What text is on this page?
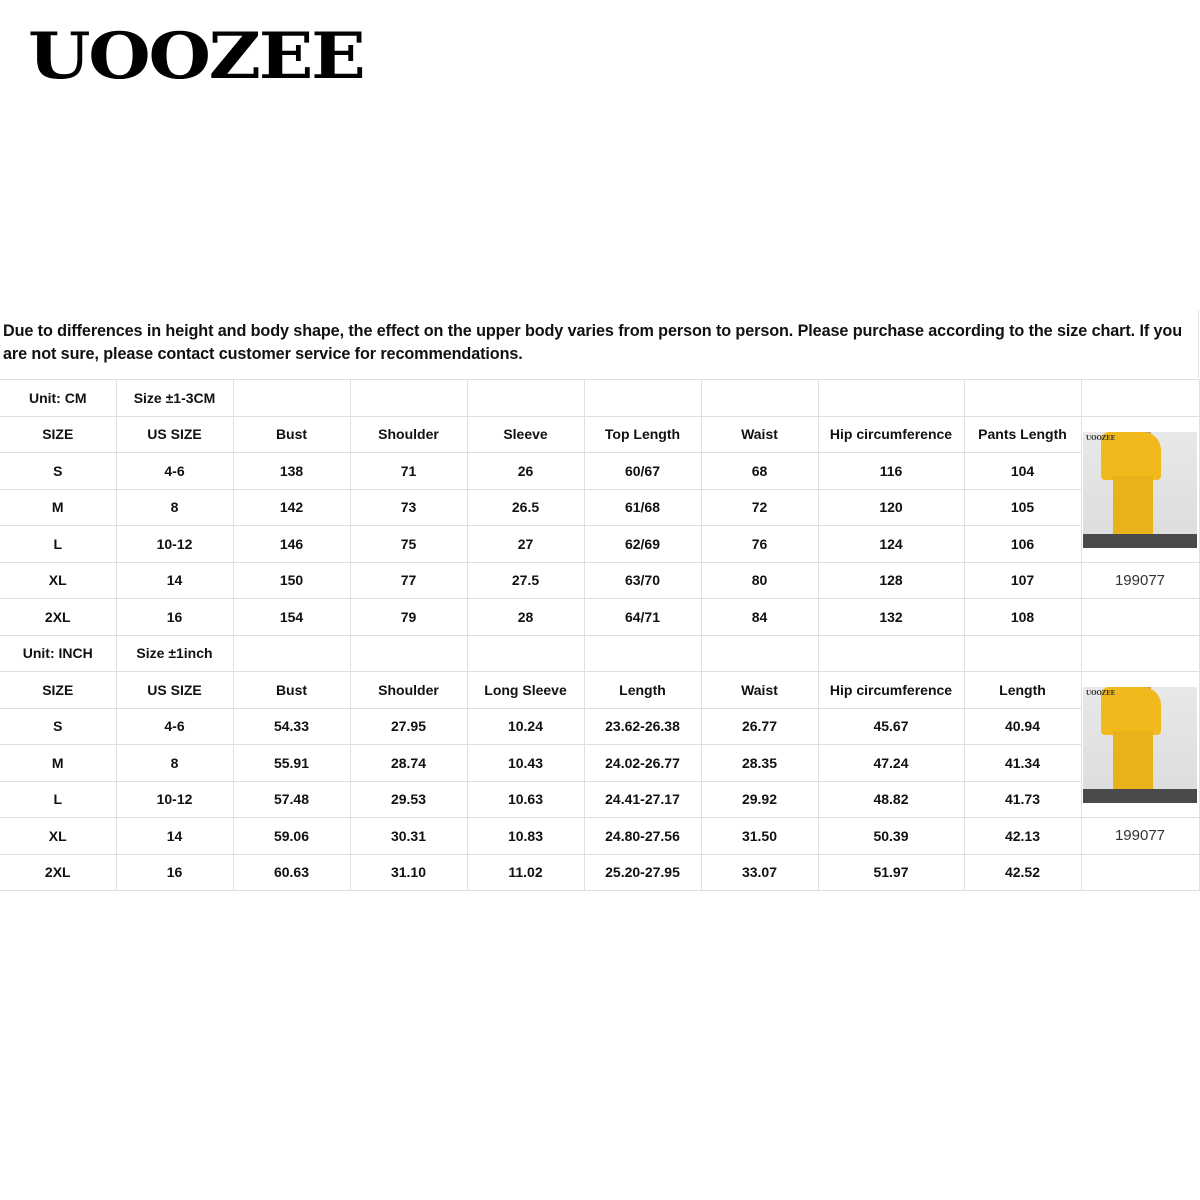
UOOZEE
Due to differences in height and body shape, the effect on the upper body varies from person to person. Please purchase according to the size chart. If you are not sure, please contact customer service for recommendations.
Unit: CM	Size ±1-3CM								
SIZE	US SIZE	Bust	Shoulder	Sleeve	Top Length	Waist	Hip circumference	Pants Length	UOOZEE

S	4-6	138	71	26	60/67	68	116	104	
M	8	142	73	26.5	61/68	72	120	105	
L	10-12	146	75	27	62/69	76	124	106	
XL	14	150	77	27.5	63/70	80	128	107	199077
2XL	16	154	79	28	64/71	84	132	108	
Unit: INCH	Size ±1inch								
SIZE	US SIZE	Bust	Shoulder	Long Sleeve	Length	Waist	Hip circumference	Length	UOOZEE

S	4-6	54.33	27.95	10.24	23.62-26.38	26.77	45.67	40.94	
M	8	55.91	28.74	10.43	24.02-26.77	28.35	47.24	41.34	
L	10-12	57.48	29.53	10.63	24.41-27.17	29.92	48.82	41.73	
XL	14	59.06	30.31	10.83	24.80-27.56	31.50	50.39	42.13	199077
2XL	16	60.63	31.10	11.02	25.20-27.95	33.07	51.97	42.52	
